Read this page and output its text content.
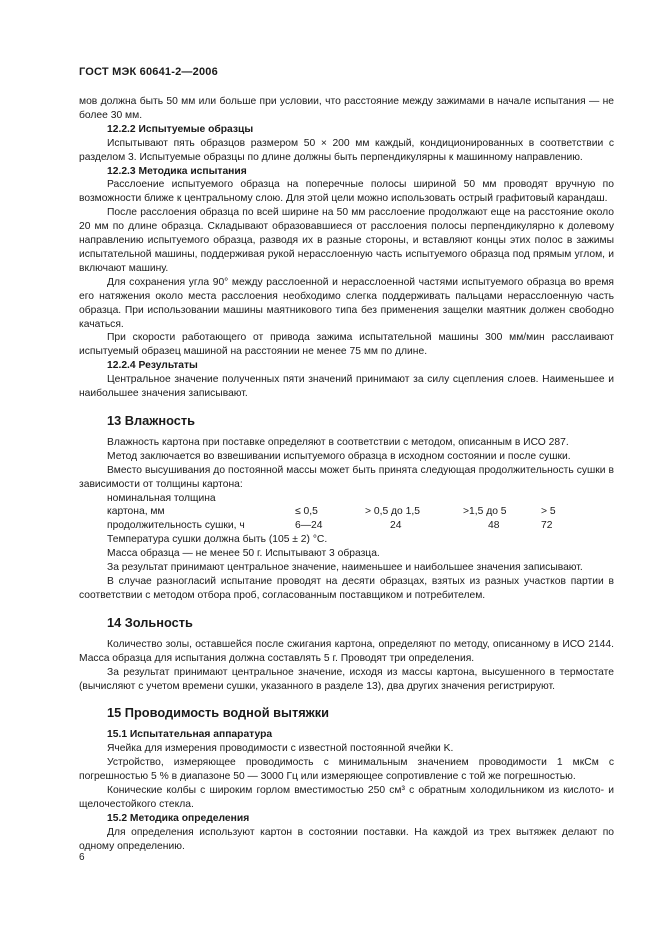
ГОСТ МЭК 60641-2—2006

мов должна быть 50 мм или больше при условии, что расстояние между зажимами в начале испытания — не более 30 мм.

12.2.2 Испытуемые образцы

Испытывают пять образцов размером 50 × 200 мм каждый, кондиционированных в соответствии с разделом 3. Испытуемые образцы по длине должны быть перпендикулярны к машинному направлению.

12.2.3 Методика испытания

Расслоение испытуемого образца на поперечные полосы шириной 50 мм проводят вручную по возможности ближе к центральному слою. Для этой цели можно использовать острый графитовый карандаш.

После расслоения образца по всей ширине на 50 мм расслоение продолжают еще на расстояние около 20 мм по длине образца. Складывают образовавшиеся от расслоения полосы перпендикулярно к долевому направлению испытуемого образца, разводя их в разные стороны, и вставляют концы этих полос в зажимы испытательной машины, поддерживая рукой нерасслоенную часть испытуемого образца под прямым углом, и включают машину.

Для сохранения угла 90° между расслоенной и нерасслоенной частями испытуемого образца во время его натяжения около места расслоения необходимо слегка поддерживать пальцами нерасслоенную часть образца. При использовании машины маятникового типа без применения защелки маятник должен свободно качаться.

При скорости работающего от привода зажима испытательной машины 300 мм/мин расслаивают испытуемый образец машиной на расстоянии не менее 75 мм по длине.

12.2.4 Результаты

Центральное значение полученных пяти значений принимают за силу сцепления слоев. Наименьшее и наибольшее значения записывают.

13 Влажность

Влажность картона при поставке определяют в соответствии с методом, описанным в ИСО 287.

Метод заключается во взвешивании испытуемого образца в исходном состоянии и после сушки.

Вместо высушивания до постоянной массы может быть принята следующая продолжительность сушки в зависимости от толщины картона:

номинальная толщина				
картона, мм	≤ 0,5	> 0,5 до 1,5	>1,5 до 5	> 5
продолжительность сушки, ч	6—24	24	48	72

Температура сушки должна быть (105 ± 2) °С.

Масса образца — не менее 50 г. Испытывают 3 образца.

За результат принимают центральное значение, наименьшее и наибольшее значения записывают.

В случае разногласий испытание проводят на десяти образцах, взятых из разных участков партии в соответствии с методом отбора проб, согласованным поставщиком и потребителем.

14 Зольность

Количество золы, оставшейся после сжигания картона, определяют по методу, описанному в ИСО 2144. Масса образца для испытания должна составлять 5 г. Проводят три определения.

За результат принимают центральное значение, исходя из массы картона, высушенного в термостате (вычисляют с учетом времени сушки, указанного в разделе 13), два других значения регистрируют.

15 Проводимость водной вытяжки

15.1 Испытательная аппаратура

Ячейка для измерения проводимости с известной постоянной ячейки K.

Устройство, измеряющее проводимость с минимальным значением проводимости 1 мкСм с погрешностью 5 % в диапазоне 50 — 3000 Гц или измеряющее сопротивление с той же погрешностью.

Конические колбы с широким горлом вместимостью 250 см³ с обратным холодильником из кислото- и щелочестойкого стекла.

15.2 Методика определения

Для определения используют картон в состоянии поставки. На каждой из трех вытяжек делают по одному определению.

6
